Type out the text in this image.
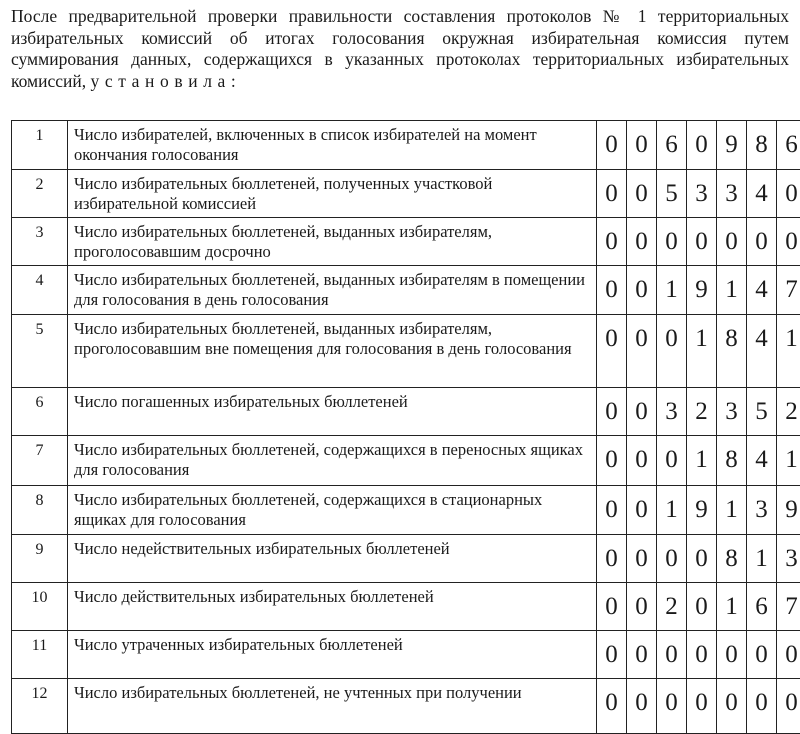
После предварительной проверки правильности составления протоколов № 1 территориальных избирательных комиссий об итогах голосования окружная избирательная комиссия путем суммирования данных, содержащихся в указанных протоколах территориальных избирательных комиссий, установила:

1	Число избирателей, включенных в список избирателей на момент окончания голосования	0	0	6	0	9	8	6
2	Число избирательных бюллетеней, полученных участковой избирательной комиссией	0	0	5	3	3	4	0
3	Число избирательных бюллетеней, выданных избирателям, проголосовавшим досрочно	0	0	0	0	0	0	0
4	Число избирательных бюллетеней, выданных избирателям в помещении для голосования в день голосования	0	0	1	9	1	4	7
5	Число избирательных бюллетеней, выданных избирателям, проголосовавшим вне помещения для голосования в день голосования	0	0	0	1	8	4	1
6	Число погашенных избирательных бюллетеней	0	0	3	2	3	5	2
7	Число избирательных бюллетеней, содержащихся в переносных ящиках для голосования	0	0	0	1	8	4	1
8	Число избирательных бюллетеней, содержащихся в стационарных ящиках для голосования	0	0	1	9	1	3	9
9	Число недействительных избирательных бюллетеней	0	0	0	0	8	1	3
10	Число действительных избирательных бюллетеней	0	0	2	0	1	6	7
11	Число утраченных избирательных бюллетеней	0	0	0	0	0	0	0
12	Число избирательных бюллетеней, не учтенных при получении	0	0	0	0	0	0	0
